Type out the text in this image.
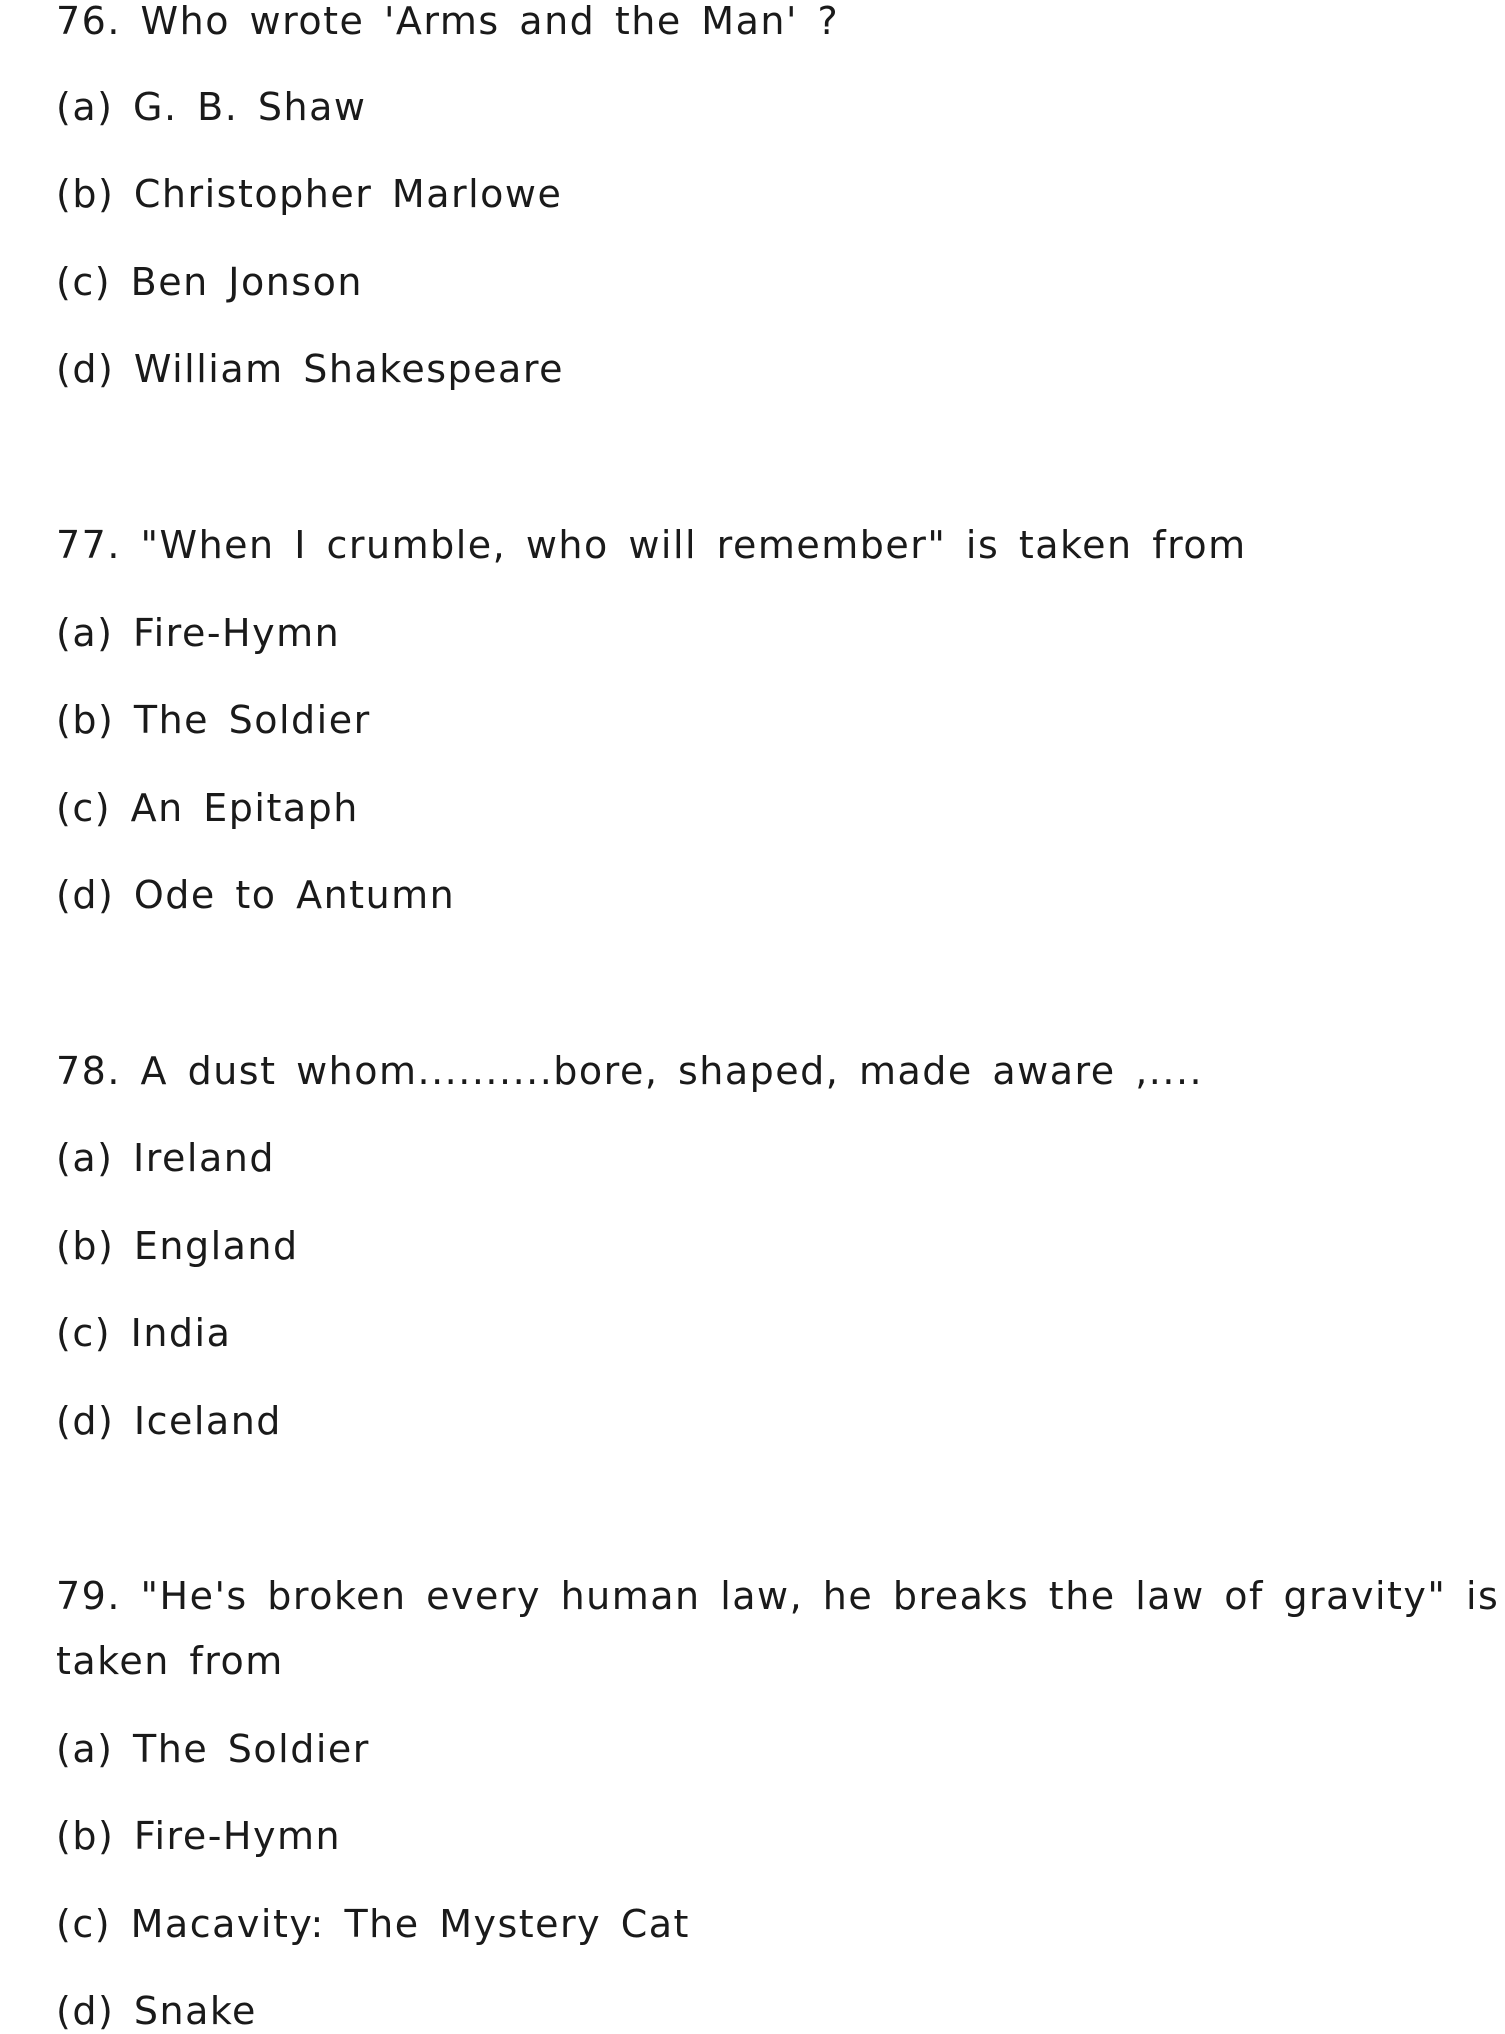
76. Who wrote 'Arms and the Man' ?
(a) G. B. Shaw
(b) Christopher Marlowe
(c) Ben Jonson
(d) William Shakespeare
77. "When I crumble, who will remember" is taken from
(a) Fire-Hymn
(b) The Soldier
(c) An Epitaph
(d) Ode to Antumn
78. A dust whom..........bore, shaped, made aware ,....
(a) Ireland
(b) England
(c) India
(d) Iceland
79. "He's broken every human law, he breaks the law of gravity" is
taken from
(a) The Soldier
(b) Fire-Hymn
(c) Macavity: The Mystery Cat
(d) Snake
